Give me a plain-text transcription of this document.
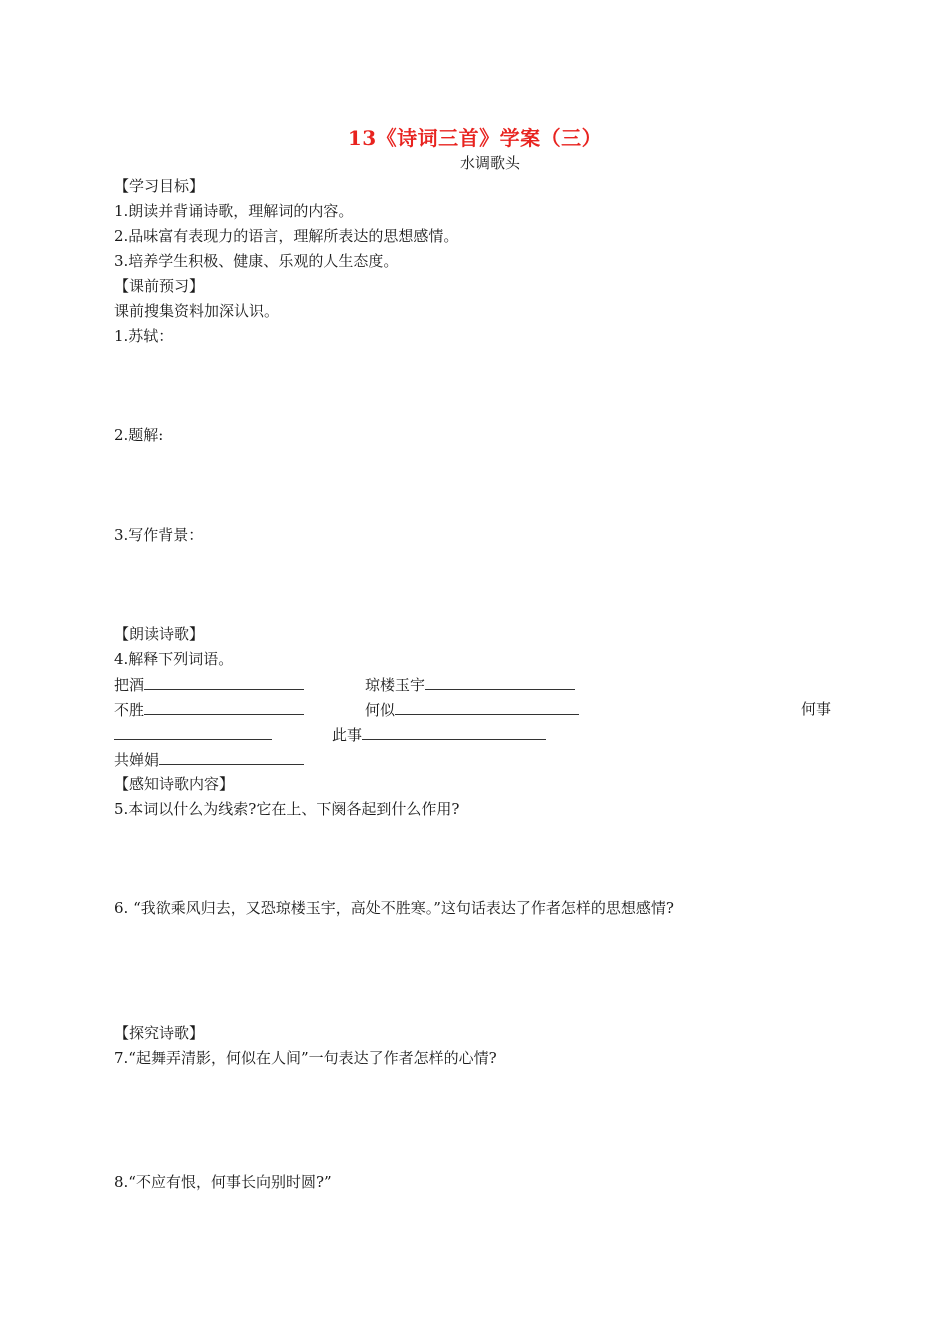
13《诗词三首》学案（三）
水调歌头
【学习目标】
1.朗读并背诵诗歌，理解词的内容。
2.品味富有表现力的语言，理解所表达的思想感情。
3.培养学生积极、健康、乐观的人生态度。
【课前预习】
课前搜集资料加深认识。
1.苏轼：
2.题解:
3.写作背景：
【朗读诗歌】
4.解释下列词语。
把酒	琼楼玉宇
不胜	何似	何事
此事
共婵娟
【感知诗歌内容】
5.本词以什么为线索?它在上、下阕各起到什么作用?
6. “我欲乘风归去，又恐琼楼玉宇，高处不胜寒。”这句话表达了作者怎样的思想感情?
【探究诗歌】
7.“起舞弄清影，何似在人间”一句表达了作者怎样的心情?
8.“不应有恨，何事长向别时圆?”
